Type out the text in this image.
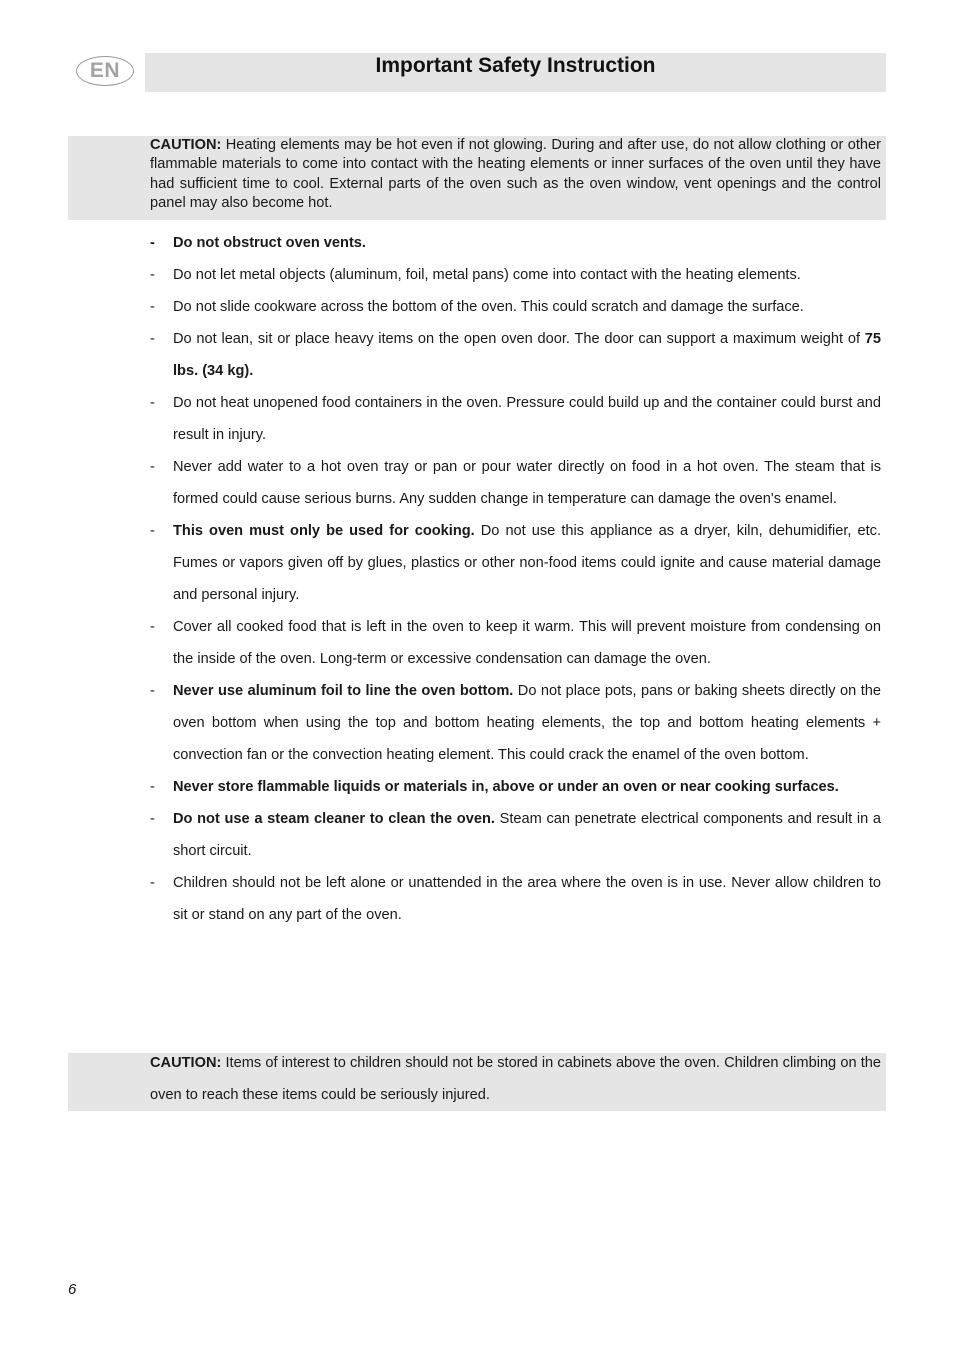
EN	Important Safety Instruction
CAUTION: Heating elements may be hot even if not glowing. During and after use, do not allow clothing or other flammable materials to come into contact with the heating elements or inner surfaces of the oven until they have had sufficient time to cool. External parts of the oven such as the oven window, vent openings and the control panel may also become hot.
- Do not obstruct oven vents.
- Do not let metal objects (aluminum, foil, metal pans) come into contact with the heating elements.
- Do not slide cookware across the bottom of the oven. This could scratch and damage the surface.
- Do not lean, sit or place heavy items on the open oven door. The door can support a maximum weight of 75 lbs. (34 kg).
- Do not heat unopened food containers in the oven. Pressure could build up and the container could burst and result in injury.
- Never add water to a hot oven tray or pan or pour water directly on food in a hot oven. The steam that is formed could cause serious burns. Any sudden change in temperature can damage the oven's enamel.
- This oven must only be used for cooking. Do not use this appliance as a dryer, kiln, dehumidifier, etc. Fumes or vapors given off by glues, plastics or other non-food items could ignite and cause material damage and personal injury.
- Cover all cooked food that is left in the oven to keep it warm. This will prevent moisture from condensing on the inside of the oven. Long-term or excessive condensation can damage the oven.
- Never use aluminum foil to line the oven bottom. Do not place pots, pans or baking sheets directly on the oven bottom when using the top and bottom heating elements, the top and bottom heating elements + convection fan or the convection heating element. This could crack the enamel of the oven bottom.
- Never store flammable liquids or materials in, above or under an oven or near cooking surfaces.
- Do not use a steam cleaner to clean the oven. Steam can penetrate electrical components and result in a short circuit.
- Children should not be left alone or unattended in the area where the oven is in use. Never allow children to sit or stand on any part of the oven.
CAUTION: Items of interest to children should not be stored in cabinets above the oven. Children climbing on the oven to reach these items could be seriously injured.
6
